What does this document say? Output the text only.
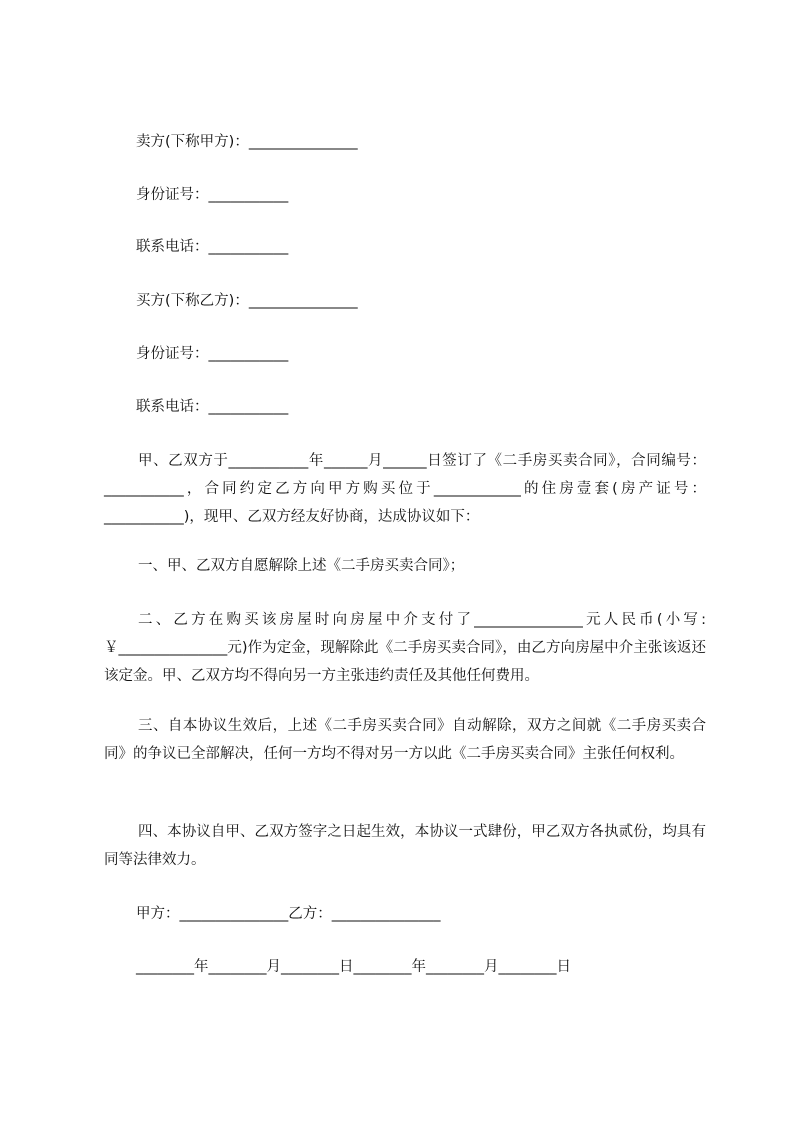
卖方(下称甲方)：_______________
身份证号：___________
联系电话：___________
买方(下称乙方)：_______________
身份证号：___________
联系电话：___________
甲、乙双方于___________年______月______日签订了《二手房买卖合同》，合同编号：___________，合同约定乙方向甲方购买位于____________的住房壹套(房产证号：___________)，现甲、乙双方经友好协商，达成协议如下：
一、甲、乙双方自愿解除上述《二手房买卖合同》；
二、乙方在购买该房屋时向房屋中介支付了_______________元人民币(小写:￥_______________元)作为定金，现解除此《二手房买卖合同》，由乙方向房屋中介主张该返还该定金。甲、乙双方均不得向另一方主张违约责任及其他任何费用。
三、自本协议生效后，上述《二手房买卖合同》自动解除，双方之间就《二手房买卖合同》的争议已全部解决，任何一方均不得对另一方以此《二手房买卖合同》主张任何权利。
四、本协议自甲、乙双方签字之日起生效，本协议一式肆份，甲乙双方各执贰份，均具有同等法律效力。
甲方：_______________乙方：_______________
________年________月________日________年________月________日
